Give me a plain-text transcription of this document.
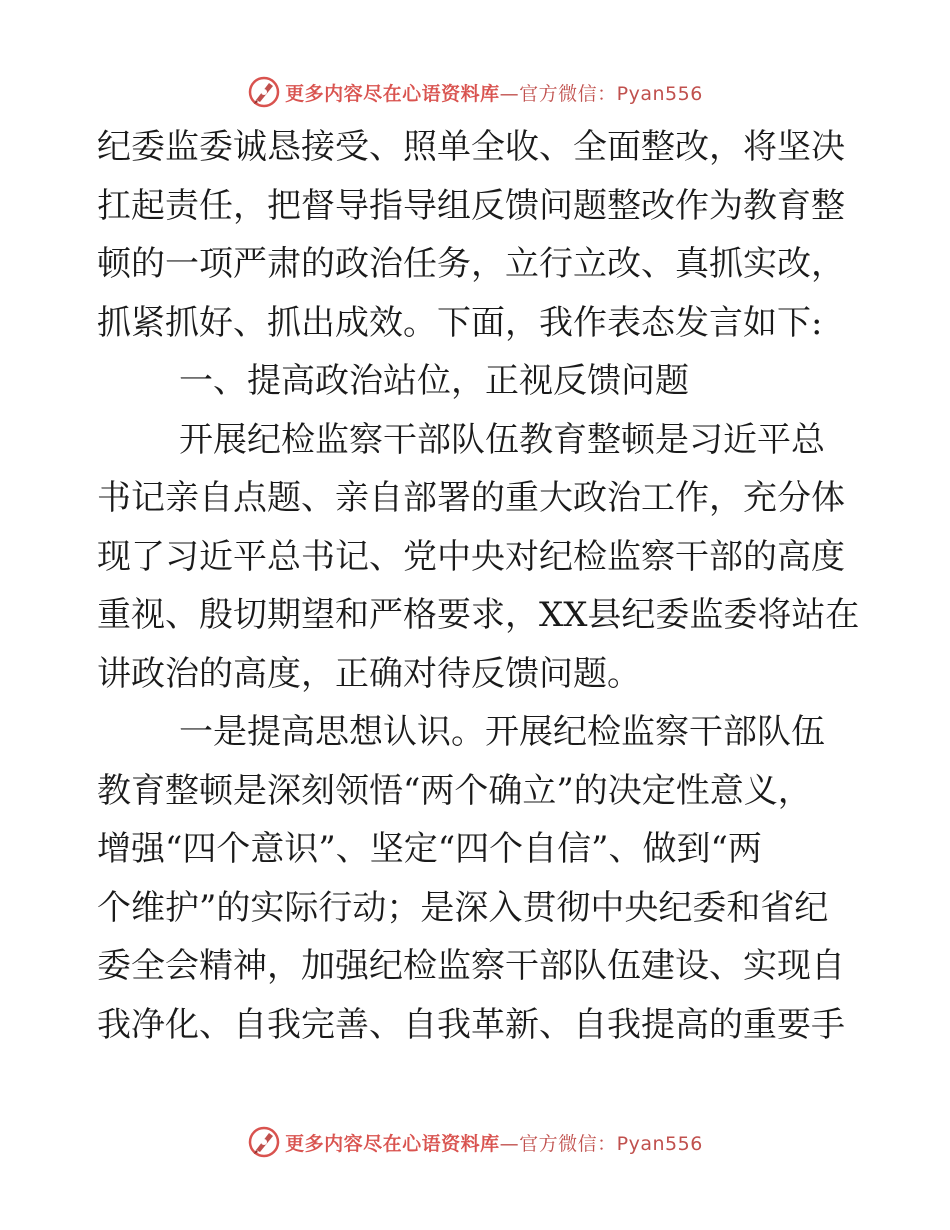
更多内容尽在心语资料库—官方微信：Pyan556
纪委监委诚恳接受、照单全收、全面整改，将坚决
扛起责任，把督导指导组反馈问题整改作为教育整
顿的一项严肃的政治任务，立行立改、真抓实改，
抓紧抓好、抓出成效。下面，我作表态发言如下:
一、提高政治站位，正视反馈问题
开展纪检监察干部队伍教育整顿是习近平总
书记亲自点题、亲自部署的重大政治工作，充分体
现了习近平总书记、党中央对纪检监察干部的高度
重视、殷切期望和严格要求，XX县纪委监委将站在
讲政治的高度，正确对待反馈问题。
一是提高思想认识。开展纪检监察干部队伍
教育整顿是深刻领悟“两个确立”的决定性意义，
增强“四个意识”、坚定“四个自信”、做到“两
个维护”的实际行动；是深入贯彻中央纪委和省纪
委全会精神，加强纪检监察干部队伍建设、实现自
我净化、自我完善、自我革新、自我提高的重要手
更多内容尽在心语资料库—官方微信：Pyan556
